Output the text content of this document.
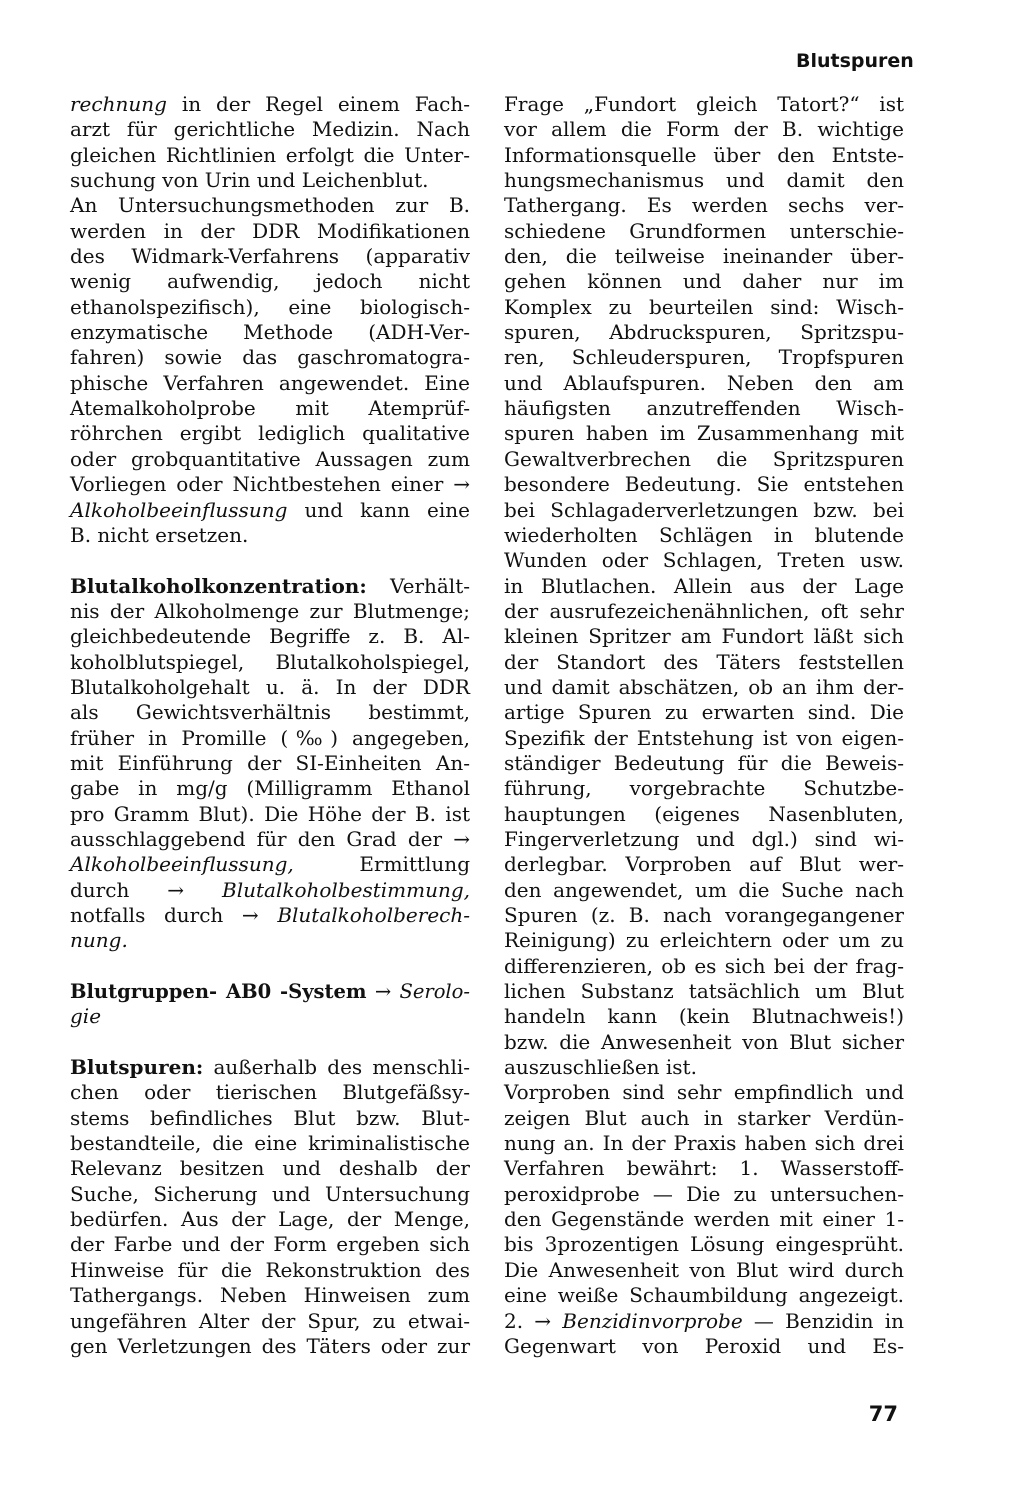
Blutspuren
rechnung in der Regel einem Fach-
arzt für gerichtliche Medizin. Nach
gleichen Richtlinien erfolgt die Unter-
suchung von Urin und Leichenblut.
An Untersuchungsmethoden zur B.
werden in der DDR Modifikationen
des Widmark-Verfahrens (apparativ
wenig aufwendig, jedoch nicht
ethanolspezifisch), eine biologisch-
enzymatische Methode (ADH-Ver-
fahren) sowie das gaschromatogra-
phische Verfahren angewendet. Eine
Atemalkoholprobe mit Atemprüf-
röhrchen ergibt lediglich qualitative
oder grobquantitative Aussagen zum
Vorliegen oder Nichtbestehen einer →
Alkoholbeeinflussung und kann eine
B. nicht ersetzen.
Blutalkoholkonzentration: Verhält-
nis der Alkoholmenge zur Blutmenge;
gleichbedeutende Begriffe z. B. Al-
koholblutspiegel, Blutalkoholspiegel,
Blutalkoholgehalt u. ä. In der DDR
als Gewichtsverhältnis bestimmt,
früher in Promille (‰) angegeben,
mit Einführung der SI-Einheiten An-
gabe in mg/g (Milligramm Ethanol
pro Gramm Blut). Die Höhe der B. ist
ausschlaggebend für den Grad der →
Alkoholbeeinflussung, Ermittlung
durch → Blutalkoholbestimmung,
notfalls durch → Blutalkoholberech-
nung.
Blutgruppen- AB0 -System → Serolo-
gie
Blutspuren: außerhalb des menschli-
chen oder tierischen Blutgefäßsy-
stems befindliches Blut bzw. Blut-
bestandteile, die eine kriminalistische
Relevanz besitzen und deshalb der
Suche, Sicherung und Untersuchung
bedürfen. Aus der Lage, der Menge,
der Farbe und der Form ergeben sich
Hinweise für die Rekonstruktion des
Tathergangs. Neben Hinweisen zum
ungefähren Alter der Spur, zu etwai-
gen Verletzungen des Täters oder zur
Frage „Fundort gleich Tatort?“ ist
vor allem die Form der B. wichtige
Informationsquelle über den Entste-
hungsmechanismus und damit den
Tathergang. Es werden sechs ver-
schiedene Grundformen unterschie-
den, die teilweise ineinander über-
gehen können und daher nur im
Komplex zu beurteilen sind: Wisch-
spuren, Abdruckspuren, Spritzspu-
ren, Schleuderspuren, Tropfspuren
und Ablaufspuren. Neben den am
häufigsten anzutreffenden Wisch-
spuren haben im Zusammenhang mit
Gewaltverbrechen die Spritzspuren
besondere Bedeutung. Sie entstehen
bei Schlagaderverletzungen bzw. bei
wiederholten Schlägen in blutende
Wunden oder Schlagen, Treten usw.
in Blutlachen. Allein aus der Lage
der ausrufezeichenähnlichen, oft sehr
kleinen Spritzer am Fundort läßt sich
der Standort des Täters feststellen
und damit abschätzen, ob an ihm der-
artige Spuren zu erwarten sind. Die
Spezifik der Entstehung ist von eigen-
ständiger Bedeutung für die Beweis-
führung, vorgebrachte Schutzbe-
hauptungen (eigenes Nasenbluten,
Fingerverletzung und dgl.) sind wi-
derlegbar. Vorproben auf Blut wer-
den angewendet, um die Suche nach
Spuren (z. B. nach vorangegangener
Reinigung) zu erleichtern oder um zu
differenzieren, ob es sich bei der frag-
lichen Substanz tatsächlich um Blut
handeln kann (kein Blutnachweis!)
bzw. die Anwesenheit von Blut sicher
auszuschließen ist.
Vorproben sind sehr empfindlich und
zeigen Blut auch in starker Verdün-
nung an. In der Praxis haben sich drei
Verfahren bewährt: 1. Wasserstoff-
peroxidprobe — Die zu untersuchen-
den Gegenstände werden mit einer 1-
bis 3prozentigen Lösung eingesprüht.
Die Anwesenheit von Blut wird durch
eine weiße Schaumbildung angezeigt.
2. → Benzidinvorprobe — Benzidin in
Gegenwart von Peroxid und Es-
77
